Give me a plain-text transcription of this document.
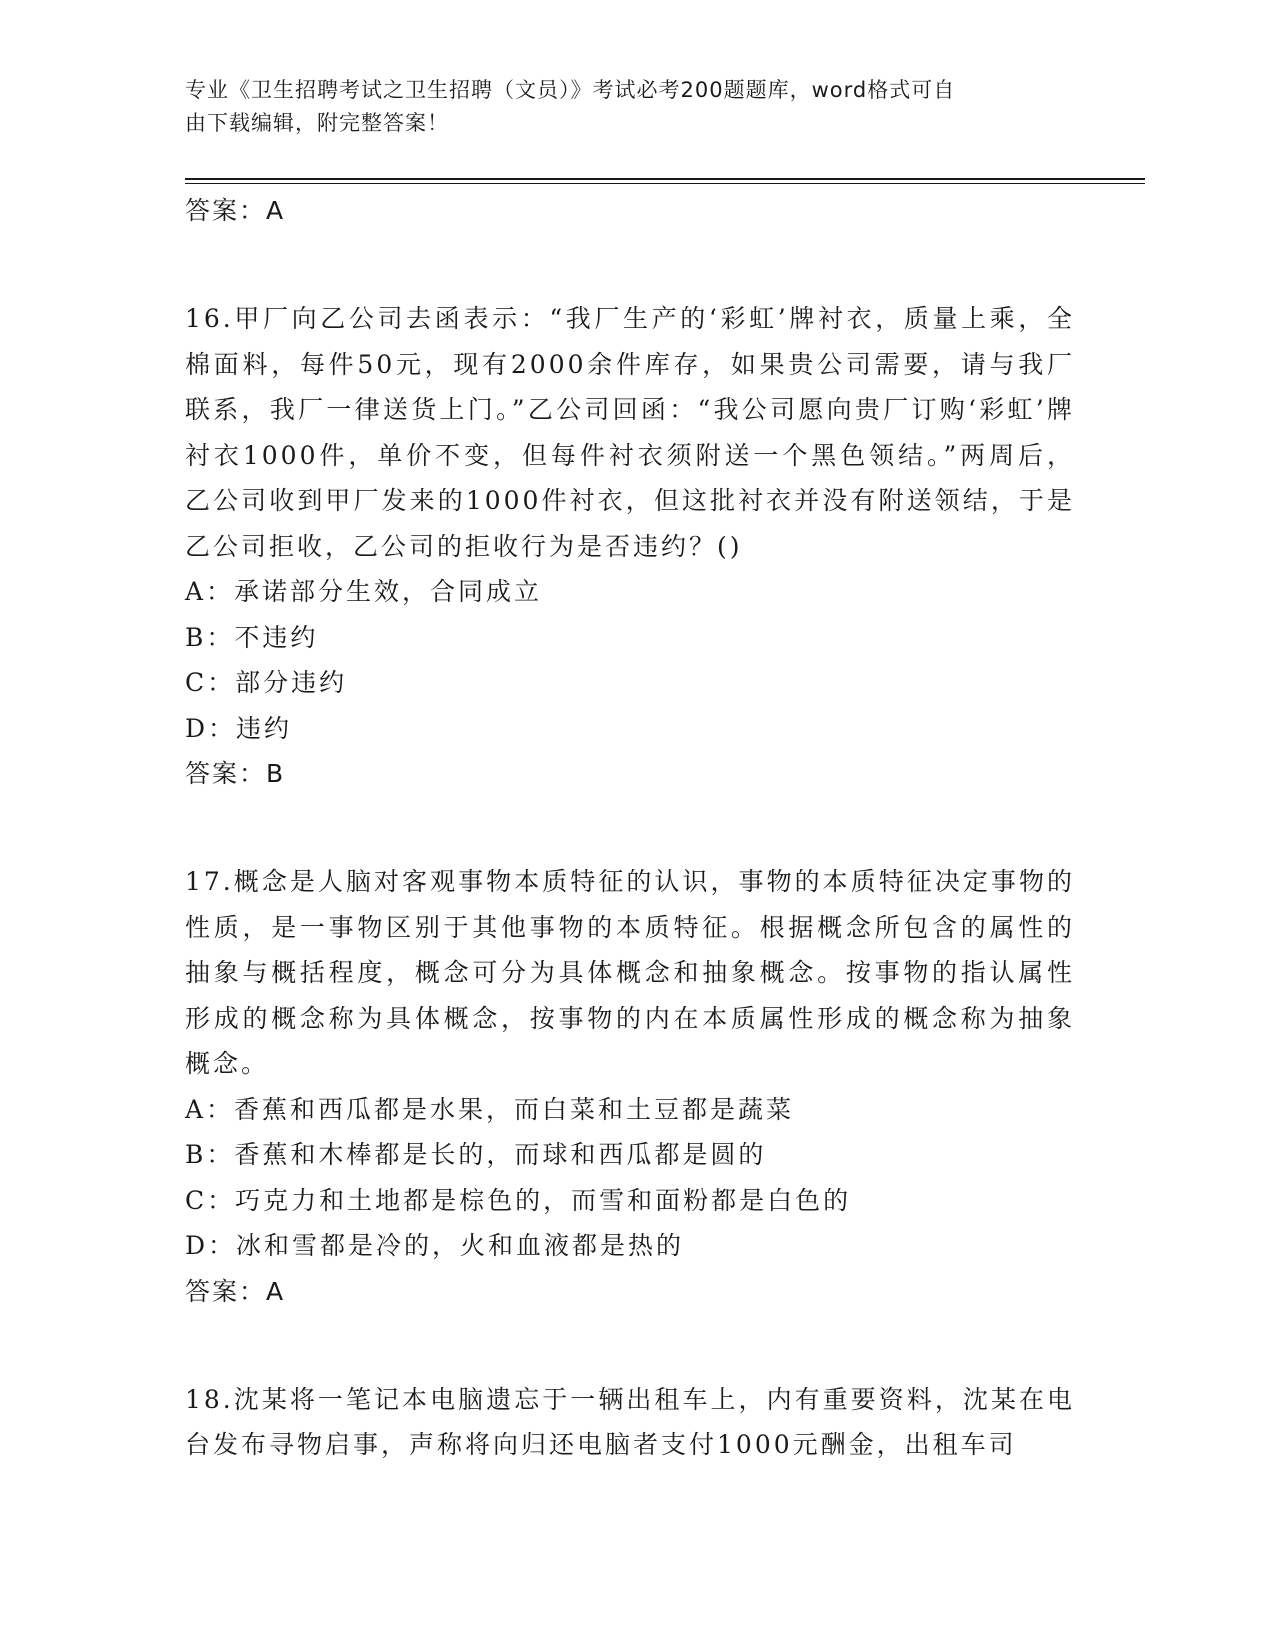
专业《卫生招聘考试之卫生招聘（文员）》考试必考200题题库，word格式可自
由下载编辑，附完整答案！
答案：A
16.甲厂向乙公司去函表示：“我厂生产的‘彩虹’牌衬衣，质量上乘，全棉面料，每件50元，现有2000余件库存，如果贵公司需要，请与我厂联系，我厂一律送货上门。”乙公司回函：“我公司愿向贵厂订购‘彩虹’牌衬衣1000件，单价不变，但每件衬衣须附送一个黑色领结。”两周后，乙公司收到甲厂发来的1000件衬衣，但这批衬衣并没有附送领结，于是乙公司拒收，乙公司的拒收行为是否违约？()
A：承诺部分生效，合同成立
B：不违约
C：部分违约
D：违约
答案：B
17.概念是人脑对客观事物本质特征的认识，事物的本质特征决定事物的性质，是一事物区别于其他事物的本质特征。根据概念所包含的属性的抽象与概括程度，概念可分为具体概念和抽象概念。按事物的指认属性形成的概念称为具体概念，按事物的内在本质属性形成的概念称为抽象概念。
A：香蕉和西瓜都是水果，而白菜和土豆都是蔬菜
B：香蕉和木棒都是长的，而球和西瓜都是圆的
C：巧克力和土地都是棕色的，而雪和面粉都是白色的
D：冰和雪都是冷的，火和血液都是热的
答案：A
18.沈某将一笔记本电脑遗忘于一辆出租车上，内有重要资料，沈某在电台发布寻物启事，声称将向归还电脑者支付1000元酬金，出租车司
